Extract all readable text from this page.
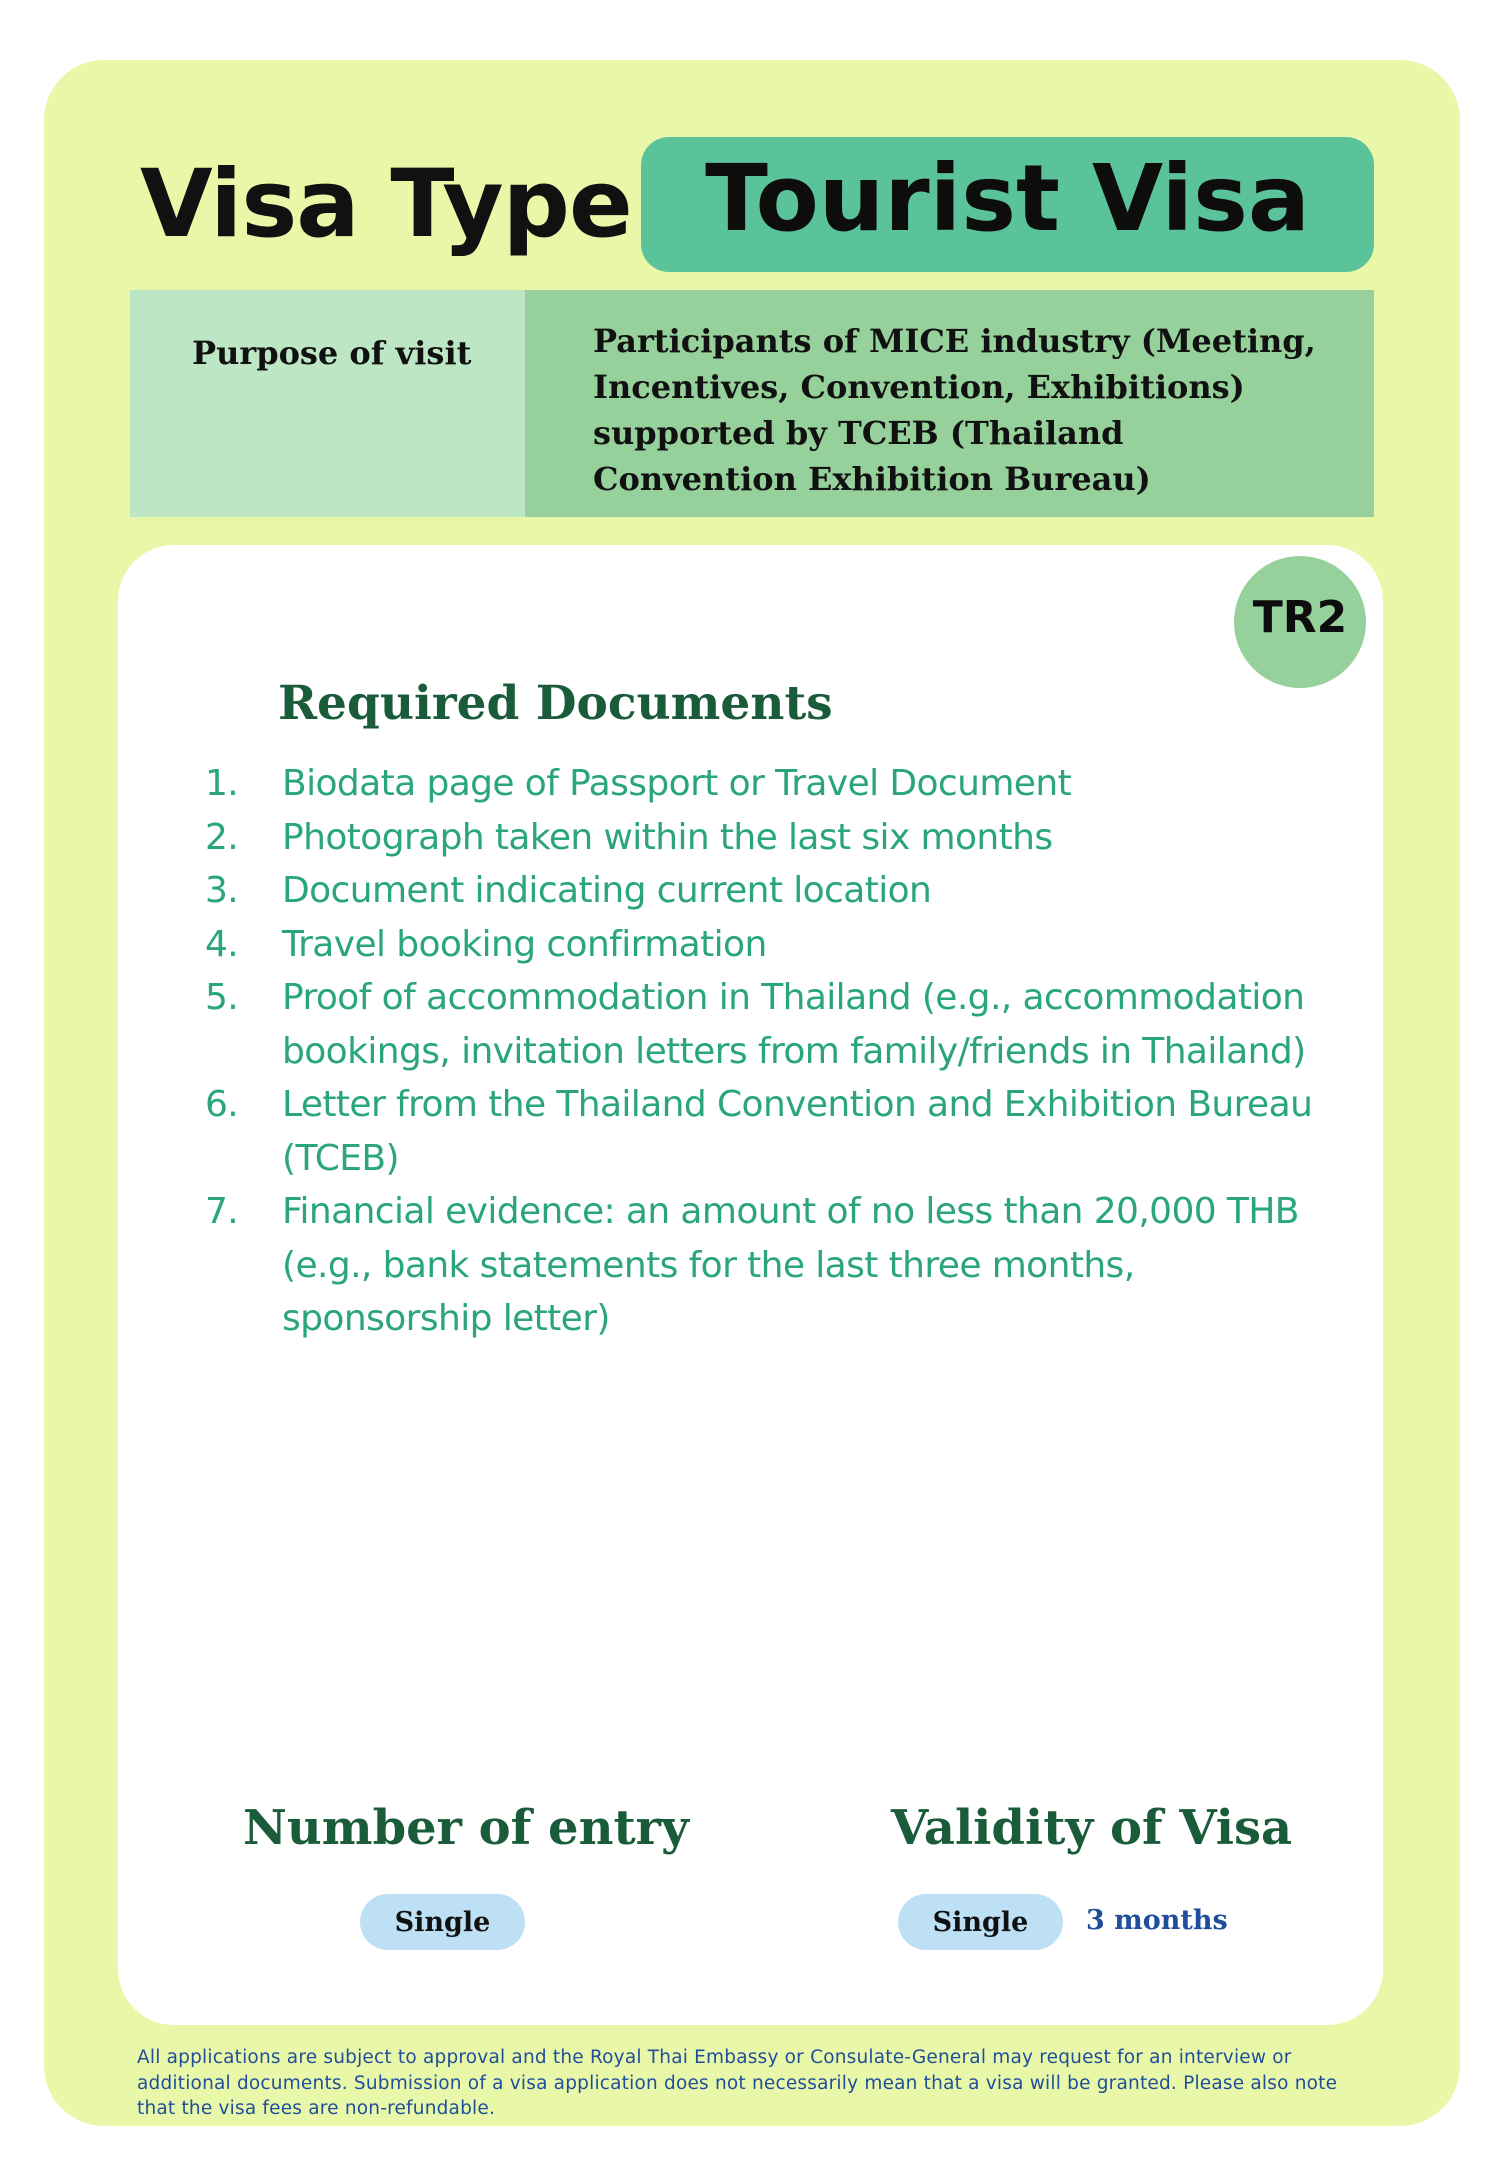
Visa Type Tourist Visa
Purpose of visit	Participants of MICE industry (Meeting, Incentives, Convention, Exhibitions) supported by TCEB (Thailand Convention Exhibition Bureau)
TR2
Required Documents
1.	Biodata page of Passport or Travel Document
2.	Photograph taken within the last six months
3.	Document indicating current location
4.	Travel booking confirmation
5.	Proof of accommodation in Thailand (e.g., accommodation bookings, invitation letters from family/friends in Thailand)
6.	Letter from the Thailand Convention and Exhibition Bureau (TCEB)
7.	Financial evidence: an amount of no less than 20,000 THB (e.g., bank statements for the last three months, sponsorship letter)
Number of entry	Validity of Visa
Single	Single	3 months
All applications are subject to approval and the Royal Thai Embassy or Consulate-General may request for an interview or additional documents. Submission of a visa application does not necessarily mean that a visa will be granted. Please also note that the visa fees are non-refundable.
